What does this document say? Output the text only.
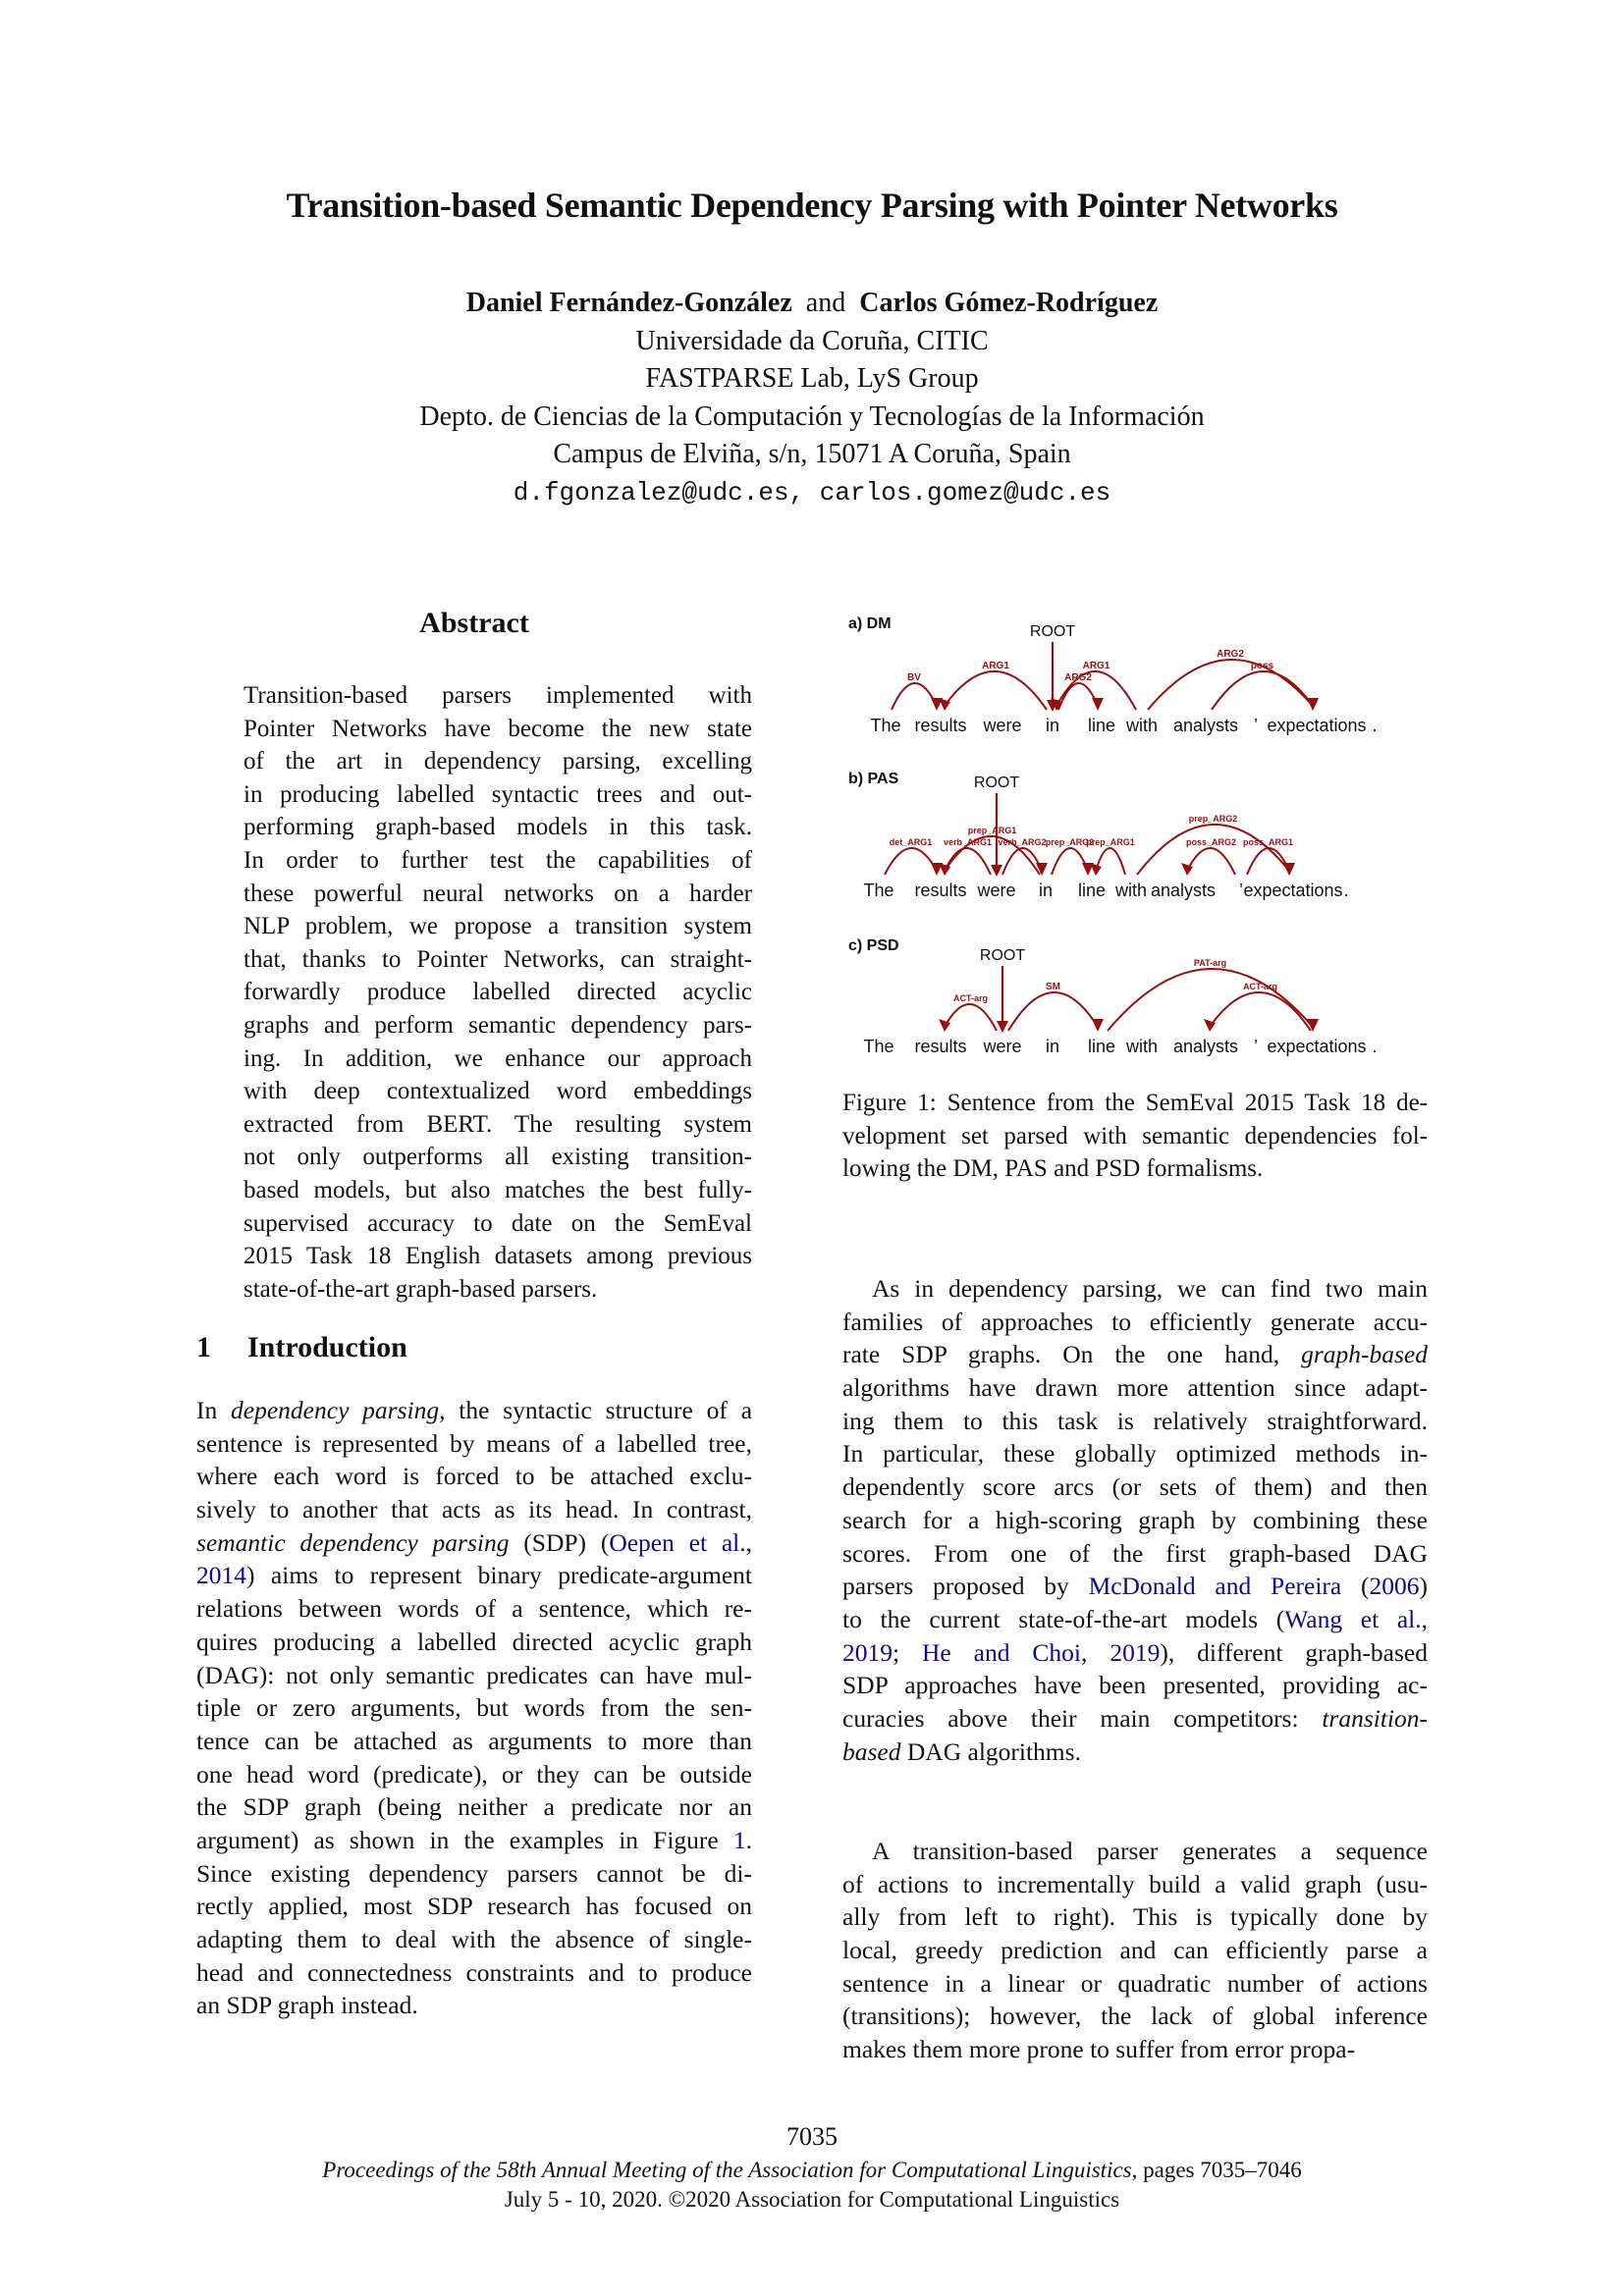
Transition-based Semantic Dependency Parsing with Pointer Networks
Daniel Fernández-González and Carlos Gómez-Rodríguez
Universidade da Coruña, CITIC
FASTPARSE Lab, LyS Group
Depto. de Ciencias de la Computación y Tecnologías de la Información
Campus de Elviña, s/n, 15071 A Coruña, Spain
d.fgonzalez@udc.es, carlos.gomez@udc.es
Abstract
Transition-based parsers implemented with
Pointer Networks have become the new state
of the art in dependency parsing, excelling
in producing labelled syntactic trees and out-
performing graph-based models in this task.
In order to further test the capabilities of
these powerful neural networks on a harder
NLP problem, we propose a transition system
that, thanks to Pointer Networks, can straight-
forwardly produce labelled directed acyclic
graphs and perform semantic dependency pars-
ing. In addition, we enhance our approach
with deep contextualized word embeddings
extracted from BERT. The resulting system
not only outperforms all existing transition-
based models, but also matches the best fully-
supervised accuracy to date on the SemEval
2015 Task 18 English datasets among previous
state-of-the-art graph-based parsers.
1 Introduction
In dependency parsing, the syntactic structure of a
sentence is represented by means of a labelled tree,
where each word is forced to be attached exclu-
sively to another that acts as its head. In contrast,
semantic dependency parsing (SDP) (Oepen et al.,
2014) aims to represent binary predicate-argument
relations between words of a sentence, which re-
quires producing a labelled directed acyclic graph
(DAG): not only semantic predicates can have mul-
tiple or zero arguments, but words from the sen-
tence can be attached as arguments to more than
one head word (predicate), or they can be outside
the SDP graph (being neither a predicate nor an
argument) as shown in the examples in Figure 1.
Since existing dependency parsers cannot be di-
rectly applied, most SDP research has focused on
adapting them to deal with the absence of single-
head and connectedness constraints and to produce
an SDP graph instead.
a) DM
The results were in line with analysts ’ expectations .
ROOT
BV
ARG1	ARG1
ARG2
ARG2
poss
b) PAS
The results were in line with analysts ’ expectations .
ROOT
det_ARG1
prep_ARG1
verb_ARG1 verb_ARG2 prep_ARG2
prep_ARG1
prep_ARG2
poss_ARG2 poss_ARG1
c) PSD
The results were in line with analysts ’ expectations .
ROOT
ACT-arg
SM
PAT-arg
ACT-arg
Figure 1: Sentence from the SemEval 2015 Task 18 de-
velopment set parsed with semantic dependencies fol-
lowing the DM, PAS and PSD formalisms.
As in dependency parsing, we can find two main
families of approaches to efficiently generate accu-
rate SDP graphs. On the one hand, graph-based
algorithms have drawn more attention since adapt-
ing them to this task is relatively straightforward.
In particular, these globally optimized methods in-
dependently score arcs (or sets of them) and then
search for a high-scoring graph by combining these
scores. From one of the first graph-based DAG
parsers proposed by McDonald and Pereira (2006)
to the current state-of-the-art models (Wang et al.,
2019; He and Choi, 2019), different graph-based
SDP approaches have been presented, providing ac-
curacies above their main competitors: transition-
based DAG algorithms.
A transition-based parser generates a sequence
of actions to incrementally build a valid graph (usu-
ally from left to right). This is typically done by
local, greedy prediction and can efficiently parse a
sentence in a linear or quadratic number of actions
(transitions); however, the lack of global inference
makes them more prone to suffer from error propa-
7035
Proceedings of the 58th Annual Meeting of the Association for Computational Linguistics, pages 7035–7046
July 5 - 10, 2020. ©2020 Association for Computational Linguistics
